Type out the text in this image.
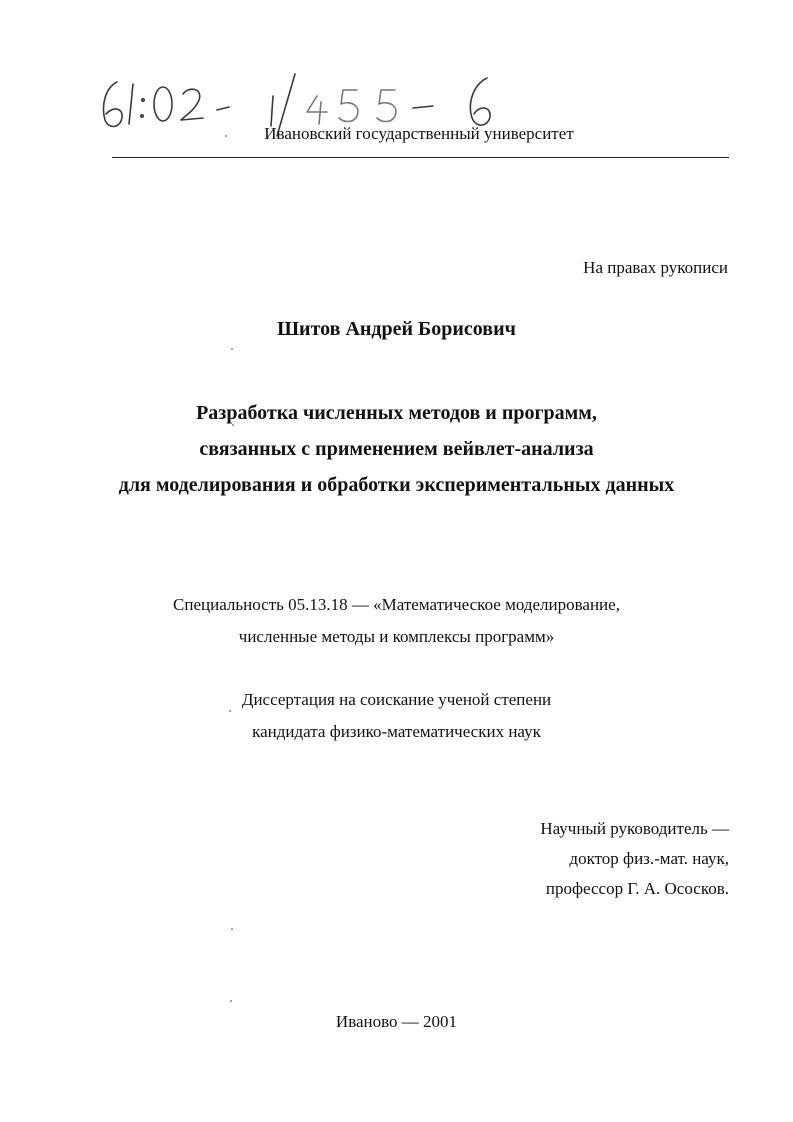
Ивановский государственный университет
На правах рукописи
Шитов Андрей Борисович
Разработка численных методов и программ,
связанных с применением вейвлет-анализа
для моделирования и обработки экспериментальных данных
Специальность 05.13.18 — «Математическое моделирование,
численные методы и комплексы программ»
Диссертация на соискание ученой степени
кандидата физико-математических наук
Научный руководитель —
доктор физ.-мат. наук,
профессор Г. А. Ососков.
Иваново — 2001
